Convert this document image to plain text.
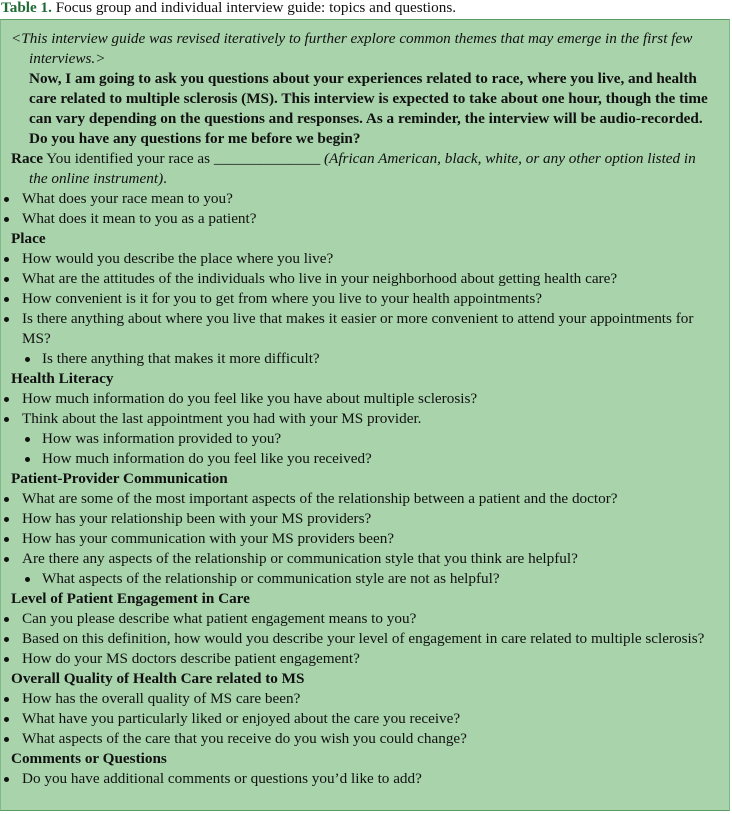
Table 1. Focus group and individual interview guide: topics and questions.
<This interview guide was revised iteratively to further explore common themes that may emerge in the first few interviews.>
Now, I am going to ask you questions about your experiences related to race, where you live, and health care related to multiple sclerosis (MS). This interview is expected to take about one hour, though the time can vary depending on the questions and responses. As a reminder, the interview will be audio-recorded. Do you have any questions for me before we begin?
Race You identified your race as ______________ (African American, black, white, or any other option listed in the online instrument).
What does your race mean to you?
What does it mean to you as a patient?
Place
How would you describe the place where you live?
What are the attitudes of the individuals who live in your neighborhood about getting health care?
How convenient is it for you to get from where you live to your health appointments?
Is there anything about where you live that makes it easier or more convenient to attend your appointments for MS?
Is there anything that makes it more difficult?
Health Literacy
How much information do you feel like you have about multiple sclerosis?
Think about the last appointment you had with your MS provider.
How was information provided to you?
How much information do you feel like you received?
Patient-Provider Communication
What are some of the most important aspects of the relationship between a patient and the doctor?
How has your relationship been with your MS providers?
How has your communication with your MS providers been?
Are there any aspects of the relationship or communication style that you think are helpful?
What aspects of the relationship or communication style are not as helpful?
Level of Patient Engagement in Care
Can you please describe what patient engagement means to you?
Based on this definition, how would you describe your level of engagement in care related to multiple sclerosis?
How do your MS doctors describe patient engagement?
Overall Quality of Health Care related to MS
How has the overall quality of MS care been?
What have you particularly liked or enjoyed about the care you receive?
What aspects of the care that you receive do you wish you could change?
Comments or Questions
Do you have additional comments or questions you’d like to add?
